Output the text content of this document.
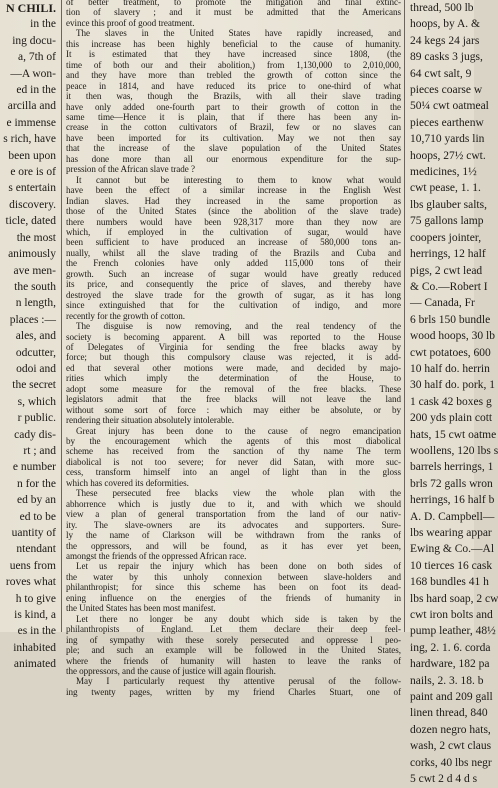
N CHILI.
in the
ing docu-
a, 7th of
—A won-
ed in the
arcilla and
e immense
s rich, have
been upon
e ore is of
s entertain
discovery.
ticle, dated
the most
animously
ave men-
the south
n length,
places :—
ales, and
odcutter,
odoi and
the secret
s, which
r public.
cady dis-
rt ; and
e number
n for the
ed by an
ed to be
uantity of
ntendant
uens from
roves what
h to give
is kind, a
es in the
inhabited
animated
of better treatment, to promote the mitigation and final extinc-
tion of slavery ; and it must be admitted that the Americans
evince this proof of good treatment.
The slaves in the United States have rapidly increased, and
this increase has been highly beneficial to the cause of humanity.
It is estimated that they have increased since 1808, (the
time of both our and their abolition,) from 1,130,000 to 2,010,000,
and they have more than trebled the growth of cotton since the
peace in 1814, and have reduced its price to one-third of what
it then was, though the Brazils, with all their slave trading
have only added one-fourth part to their growth of cotton in the
same time—Hence it is plain, that if there has been any in-
crease in the cotton cultivators of Brazil, few or no slaves can
have been imported for its cultivation. May we not then say
that the increase of the slave population of the United States
has done more than all our enormous expenditure for the sup-
pression of the African slave trade ?
It cannot but be interesting to them to know what would
have been the effect of a similar increase in the English West
Indian slaves. Had they increased in the same proportion as
those of the United States (since the abolition of the slave trade)
there numbers would have been 928,317 more than they now are
which, if employed in the cultivation of sugar, would have
been sufficient to have produced an increase of 580,000 tons an-
nually, whilst all the slave trading of the Brazils and Cuba and
the French colonies have only added 115,000 tons of their
growth. Such an increase of sugar would have greatly reduced
its price, and consequently the price of slaves, and thereby have
destroyed the slave trade for the growth of sugar, as it has long
since extinguished that for the cultivation of indigo, and more
recently for the growth of cotton.
The disguise is now removing, and the real tendency of the
society is becoming apparent. A bill was reported to the House
of Delegates of Virginia for sending the free blacks away by
force; but though this compulsory clause was rejected, it is add-
ed that several other motions were made, and decided by majo-
rities which imply the determination of the House, to
adopt some measure for the removal of the free blacks. These
legislators admit that the free blacks will not leave the land
without some sort of force : which may either be absolute, or by
rendering their situation absolutely intolerable.
Great injury has been done to the cause of negro emancipation
by the encouragement which the agents of this most diabolical
scheme has received from the sanction of thy name The term
diabolical is not too severe; for never did Satan, with more suc-
cess, transform himself into an angel of light than in the gloss
which has covered its deformities.
These persecuted free blacks view the whole plan with the
abhorrence which is justly due to it, and with which we should
view a plan of general transportation from the land of our nativ-
ity. The slave-owners are its advocates and supporters. Sure-
ly the name of Clarkson will be withdrawn from the ranks of
the oppressors, and will be found, as it has ever yet been,
amongst the friends of the oppressed African race.
Let us repair the injury which has been done on both sides of
the water by this unholy connexion between slave-holders and
philanthropist; for since this scheme has been on foot its dead-
ening influence on the energies of the friends of humanity in
the United States has been most manifest.
Let there no longer be any doubt which side is taken by the
philanthropists of England. Let them declare their deep feel-
ing of sympathy with these sorely persecuted and oppresse l peo-
ple; and such an example will be followed in the United States,
where the friends of humanity will hasten to leave the ranks of
the oppressors, and the cause of justice will again flourish.
May I particularly request thy attentive perusal of the follow-
ing twenty pages, written by my friend Charles Stuart, one of
thread, 500 lb
hoops, by A. &
24 kegs 24 jars
89 casks 3 jugs,
64 cwt salt, 9
pieces coarse w
50¼ cwt oatmeal
pieces earthenw
10,710 yards lin
hoops, 27½ cwt.
medicines, 1½
cwt pease, 1. 1.
lbs glauber salts,
75 gallons lamp
coopers jointer,
herrings, 12 half
pigs, 2 cwt lead
& Co.—Robert I
— Canada, Fr
6 brls 150 bundle
wood hoops, 30 lb
cwt potatoes, 600
10 half do. herrin
30 half do. pork, 1
1 cask 42 boxes g
200 yds plain cott
hats, 15 cwt oatme
woollens, 120 lbs s
barrels herrings, 1
brls 72 galls wron
herrings, 16 half b
A. D. Campbell—
lbs wearing appar
Ewing & Co.—Al
10 tierces 16 cask
168 bundles 41 h
lbs hard soap, 2 cw
cwt iron bolts and
pump leather, 48½
ing, 2. 1. 6. corda
hardware, 182 pa
nails, 2. 3. 18. b
paint and 209 gall
linen thread, 840
dozen negro hats,
wash, 2 cwt claus
corks, 40 lbs negr
5 cwt 2 d 4 d s
